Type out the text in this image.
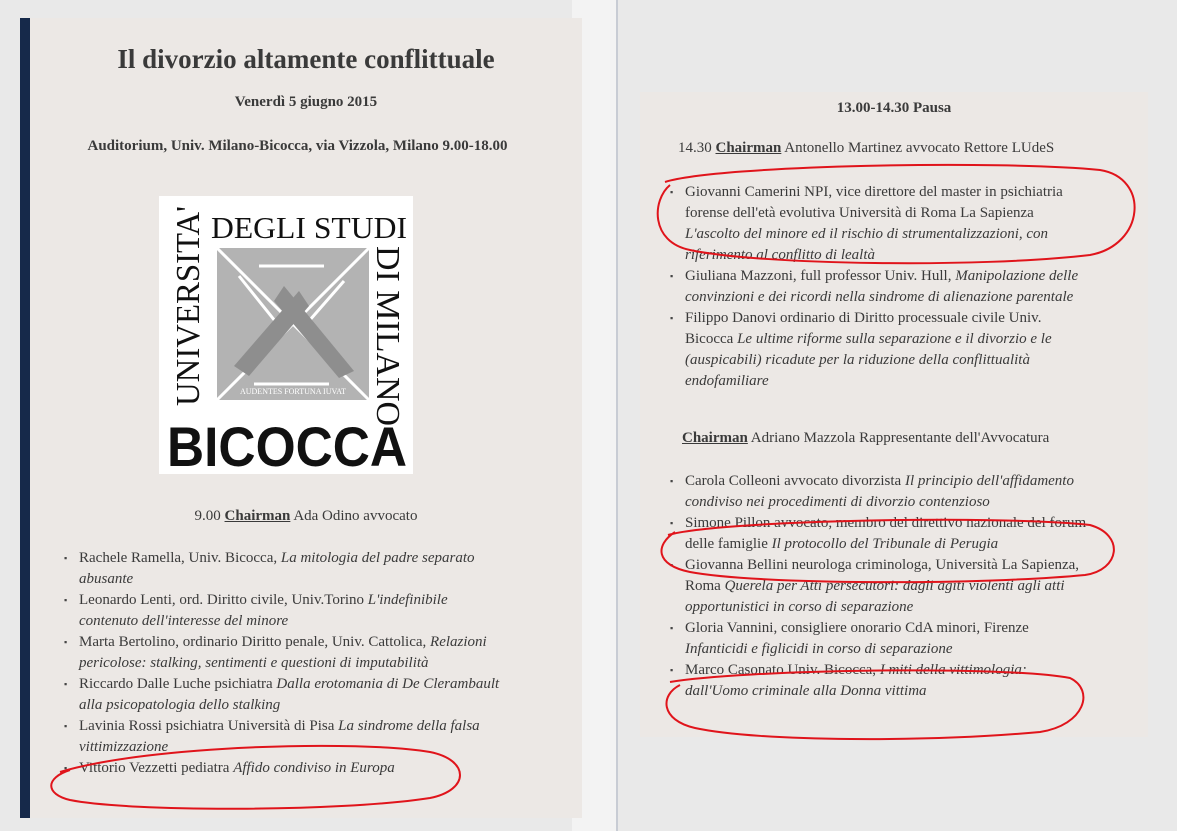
Il divorzio altamente conflittuale
Venerdì 5 giugno 2015
Auditorium, Univ. Milano-Bicocca, via Vizzola, Milano 9.00-18.00
AUDENTES FORTUNA IUVAT
UNIVERSITA' DEGLI STUDI
DI MILANO
BICOCCA
9.00 Chairman Ada Odino avvocato
▪ Rachele Ramella, Univ. Bicocca, La mitologia del padre separato abusante
▪ Leonardo Lenti, ord. Diritto civile, Univ.Torino L'indefinibile contenuto dell'interesse del minore
▪ Marta Bertolino, ordinario Diritto penale, Univ. Cattolica, Relazioni pericolose: stalking, sentimenti e questioni di imputabilità
▪ Riccardo Dalle Luche psichiatra Dalla erotomania di De Clerambault alla psicopatologia dello stalking
▪ Lavinia Rossi psichiatra Università di Pisa La sindrome della falsa vittimizzazione
▪ Vittorio Vezzetti pediatra Affido condiviso in Europa
13.00-14.30 Pausa
14.30 Chairman Antonello Martinez avvocato Rettore LUdeS
▪ Giovanni Camerini NPI, vice direttore del master in psichiatria forense dell'età evolutiva Università di Roma La Sapienza L'ascolto del minore ed il rischio di strumentalizzazioni, con riferimento al conflitto di lealtà
▪ Giuliana Mazzoni, full professor Univ. Hull, Manipolazione delle convinzioni e dei ricordi nella sindrome di alienazione parentale
▪ Filippo Danovi ordinario di Diritto processuale civile Univ. Bicocca Le ultime riforme sulla separazione e il divorzio e le (auspicabili) ricadute per la riduzione della conflittualità endofamiliare
Chairman Adriano Mazzola Rappresentante dell'Avvocatura
▪ Carola Colleoni avvocato divorzista Il principio dell'affidamento condiviso nei procedimenti di divorzio contenzioso
▪ Simone Pillon avvocato, membro del direttivo nazionale del forum delle famiglie Il protocollo del Tribunale di Perugia
▪ Giovanna Bellini neurologa criminologa, Università La Sapienza, Roma Querela per Atti persecutori: dagli agiti violenti agli atti opportunistici in corso di separazione
▪ Gloria Vannini, consigliere onorario CdA minori, Firenze Infanticidi e figlicidi in corso di separazione
▪ Marco Casonato Univ. Bicocca, I miti della vittimologia: dall'Uomo criminale alla Donna vittima
